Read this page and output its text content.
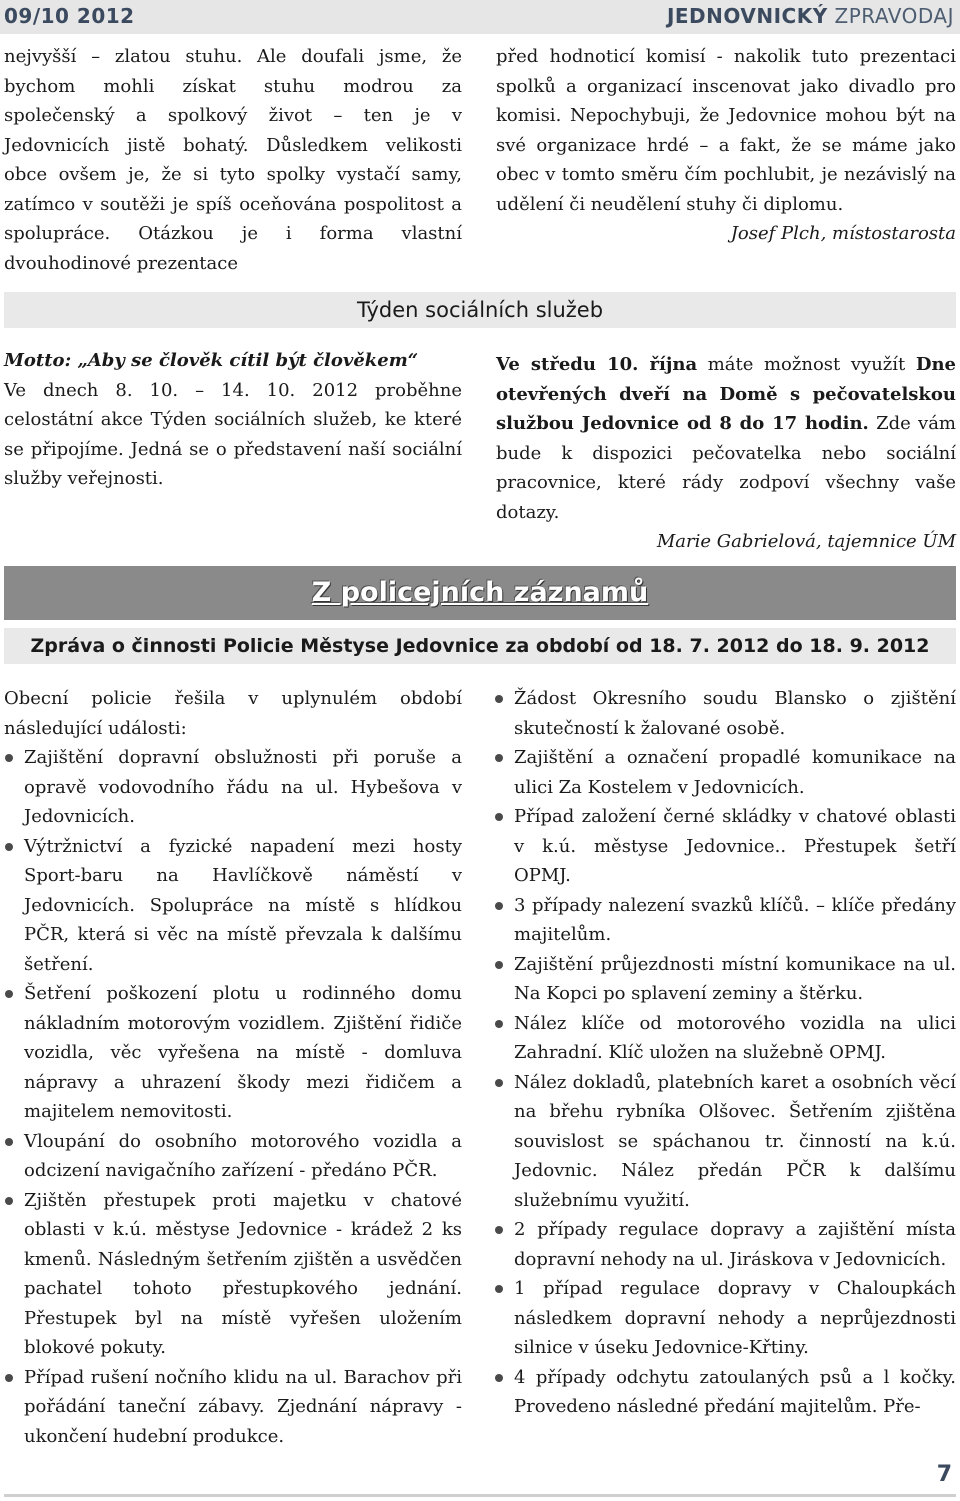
09/10 2012	JEDNOVNICKÝ ZPRAVODAJ

nejvyšší – zlatou stuhu. Ale doufali jsme, že bychom mohli získat stuhu modrou za společenský a spolkový život – ten je v Jedovnicích jistě bohatý. Důsledkem velikosti obce ovšem je, že si tyto spolky vystačí samy, zatímco v soutěži je spíš oceňována pospolitost a spolupráce. Otázkou je i forma vlastní dvouhodinové prezentace

před hodnoticí komisí - nakolik tuto prezentaci spolků a organizací inscenovat jako divadlo pro komisi. Nepochybuji, že Jedovnice mohou být na své organizace hrdé – a fakt, že se máme jako obec v tomto směru čím pochlubit, je nezávislý na udělení či neudělení stuhy či diplomu.

Josef Plch, místostarosta

Týden sociálních služeb

Motto: „Aby se člověk cítil být člověkem“

Ve dnech 8. 10. – 14. 10. 2012 proběhne celostátní akce Týden sociálních služeb, ke které se připojíme. Jedná se o představení naší sociální služby veřejnosti.

Ve středu 10. října máte možnost využít Dne otevřených dveří na Domě s pečovatelskou službou Jedovnice od 8 do 17 hodin. Zde vám bude k dispozici pečovatelka nebo sociální pracovnice, které rády zodpoví všechny vaše dotazy.

Marie Gabrielová, tajemnice ÚM

Z policejních záznamů
Zpráva o činnosti Policie Městyse Jedovnice za období od 18. 7. 2012 do 18. 9. 2012

Obecní policie řešila v uplynulém období následující události:

Zajištění dopravní obslužnosti při poruše a opravě vodovodního řádu na ul. Hybešova v Jedovnicích.
Výtržnictví a fyzické napadení mezi hosty Sport-baru na Havlíčkově náměstí v Jedovnicích. Spolupráce na místě s hlídkou PČR, která si věc na místě převzala k dalšímu šetření.
Šetření poškození plotu u rodinného domu nákladním motorovým vozidlem. Zjištění řidiče vozidla, věc vyřešena na místě - domluva nápravy a uhrazení škody mezi řidičem a majitelem nemovitosti.
Vloupání do osobního motorového vozidla a odcizení navigačního zařízení - předáno PČR.
Zjištěn přestupek proti majetku v chatové oblasti v k.ú. městyse Jedovnice - krádež 2 ks kmenů. Následným šetřením zjištěn a usvědčen pachatel tohoto přestupkového jednání. Přestupek byl na místě vyřešen uložením blokové pokuty.
Případ rušení nočního klidu na ul. Barachov při pořádání taneční zábavy. Zjednání nápravy - ukončení hudební produkce.
Žádost Okresního soudu Blansko o zjištění skutečností k žalované osobě.
Zajištění a označení propadlé komunikace na ulici Za Kostelem v Jedovnicích.
Případ založení černé skládky v chatové oblasti v k.ú. městyse Jedovnice.. Přestupek šetří OPMJ.
3 případy nalezení svazků klíčů. – klíče předány majitelům.
Zajištění průjezdnosti místní komunikace na ul. Na Kopci po splavení zeminy a štěrku.
Nález klíče od motorového vozidla na ulici Zahradní. Klíč uložen na služebně OPMJ.
Nález dokladů, platebních karet a osobních věcí na břehu rybníka Olšovec. Šetřením zjištěna souvislost se spáchanou tr. činností na k.ú. Jedovnic. Nález předán PČR k dalšímu služebnímu využití.
2 případy regulace dopravy a zajištění místa dopravní nehody na ul. Jiráskova v Jedovnicích.
1 případ regulace dopravy v Chaloupkách následkem dopravní nehody a neprůjezdnosti silnice v úseku Jedovnice-Křtiny.
4 případy odchytu zatoulaných psů a l kočky. Provedeno následné předání majitelům. Pře-
7
